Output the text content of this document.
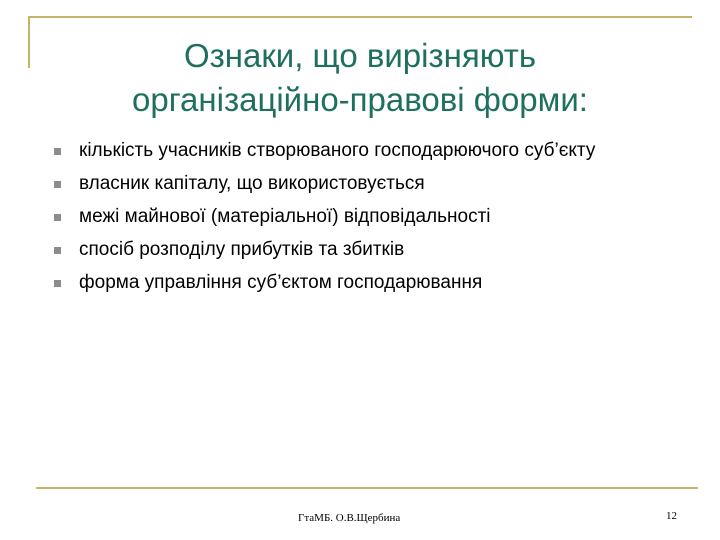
Ознаки, що вирізняють
організаційно-правові форми:
кількість учасників створюваного господарюючого суб’єкту
власник капіталу, що використовується
межі майнової (матеріальної) відповідальності
спосіб розподілу прибутків та збитків
форма управління суб’єктом господарювання
ГтаМБ. О.В.Щербина	12
